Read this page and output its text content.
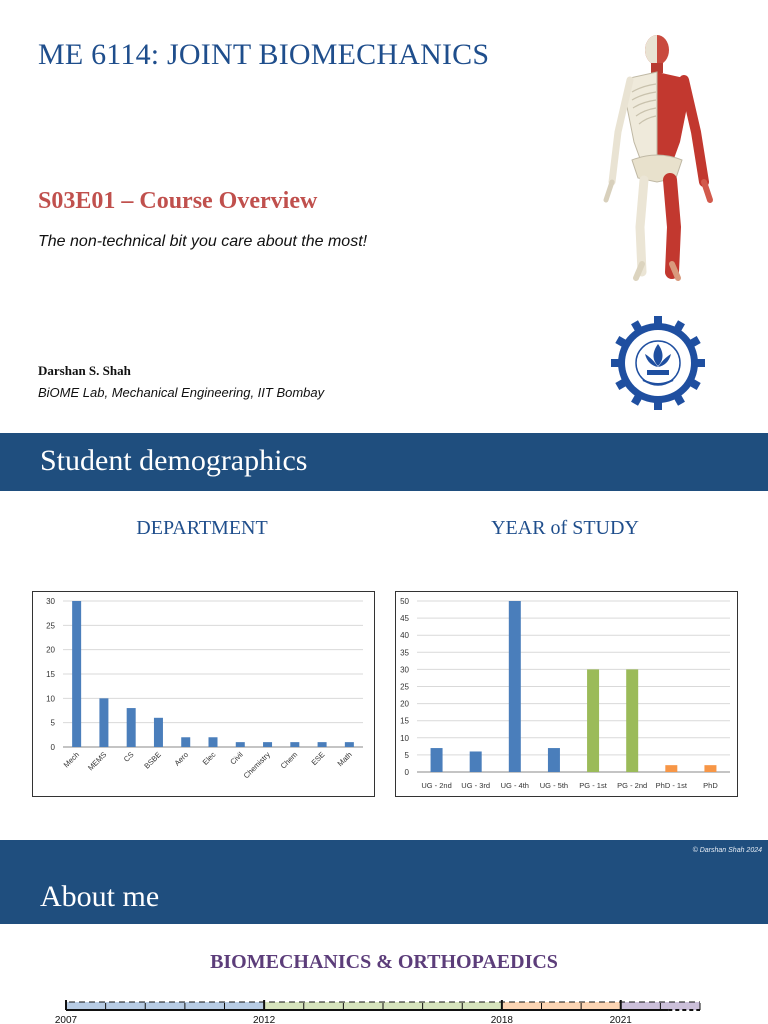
ME 6114: JOINT BIOMECHANICS
S03E01 – Course Overview
The non-technical bit you care about the most!
Darshan S. Shah
BiOME Lab, Mechanical Engineering, IIT Bombay
Student demographics
DEPARTMENT	YEAR of STUDY
0
5
10
15
20
25
30
Mech MEMS CS BSBE Aero Elec Civil
Chemistry Chem ESE Math
0
5
10
15
20
25
30
35
40
45
50
UG - 2nd UG - 3rd UG - 4th UG - 5th PG - 1st PG - 2nd PhD - 1st PhD
About me
© Darshan Shah 2024
BIOMECHANICS & ORTHOPAEDICS
2007	2012	2018	2021
